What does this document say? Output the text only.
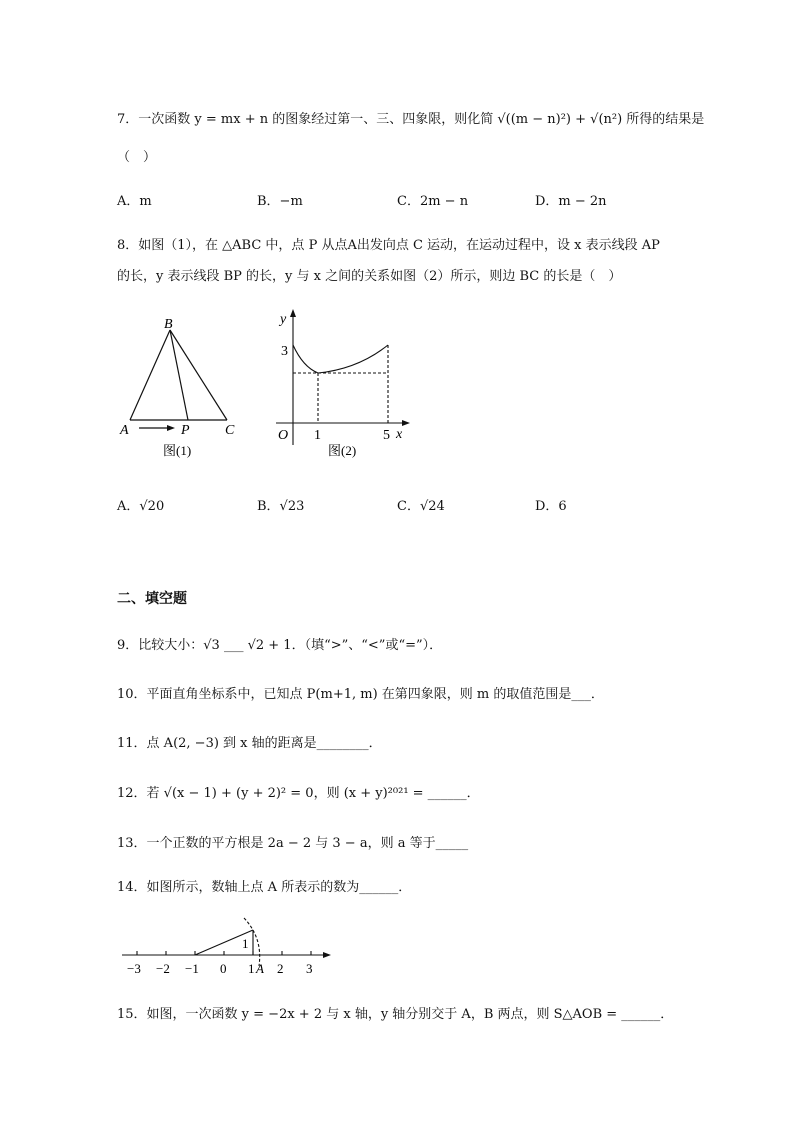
7．一次函数 y = mx + n 的图象经过第一、三、四象限，则化简 √((m − n)²) + √(n²) 所得的结果是
（　）
A．m	B．−m	C．2m − n	D．m − 2n
8．如图（1），在 △ABC 中，点 P 从点A出发向点 C 运动，在运动过程中，设 x 表示线段 AP
的长，y 表示线段 BP 的长，y 与 x 之间的关系如图（2）所示，则边 BC 的长是（　）
B
A	P	C
图(1)
y
x
O
3
1	5
图(2)
A．√20	B．√23	C．√24	D．6
二、填空题
9．比较大小：√3 ___ √2 + 1．（填“>”、“<”或“=”）．
10．平面直角坐标系中，已知点 P(m+1, m) 在第四象限，则 m 的取值范围是___．
11．点 A(2, −3) 到 x 轴的距离是________．
12．若 √(x − 1) + (y + 2)² = 0，则 (x + y)²⁰²¹ = ______．
13．一个正数的平方根是 2a − 2 与 3 − a，则 a 等于_____
14．如图所示，数轴上点 A 所表示的数为______．
1
−3 −2 −1 0 1 2 3
A
15．如图，一次函数 y = −2x + 2 与 x 轴，y 轴分别交于 A，B 两点，则 S△AOB = ______．
